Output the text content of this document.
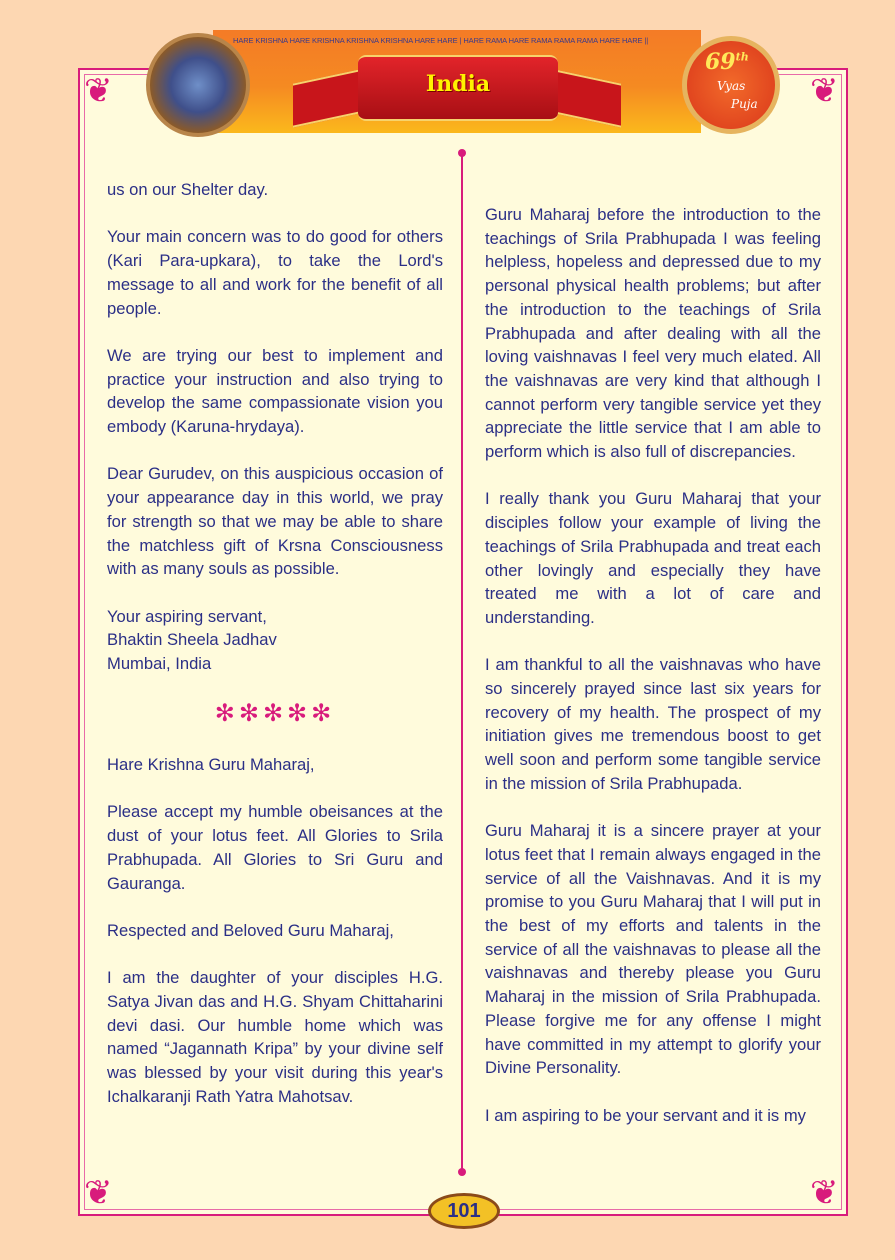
❦	❦
❦	❦
HARE KRISHNA HARE KRISHNA KRISHNA KRISHNA HARE HARE | HARE RAMA HARE RAMA RAMA RAMA HARE HARE ||
India
69th
Vyas
Puja

us on our Shelter day.

Your main concern was to do good for others (Kari Para-upkara), to take the Lord's message to all and work for the benefit of all people.

We are trying our best to implement and practice your instruction and also trying to develop the same compassionate vision you embody (Karuna-hrydaya).

Dear Gurudev, on this auspicious occasion of your appearance day in this world, we pray for strength so that we may be able to share the matchless gift of Krsna Consciousness with as many souls as possible.

Your aspiring servant,

Bhaktin Sheela Jadhav

Mumbai, India

✻✻✻✻✻

Hare Krishna Guru Maharaj,

Please accept my humble obeisances at the dust of your lotus feet. All Glories to Srila Prabhupada. All Glories to Sri Guru and Gauranga.

Respected and Beloved Guru Maharaj,

I am the daughter of your disciples H.G. Satya Jivan das and H.G. Shyam Chittaharini devi dasi. Our humble home which was named “Jagannath Kripa” by your divine self was blessed by your visit during this year's Ichalkaranji Rath Yatra Mahotsav.

Guru Maharaj before the introduction to the teachings of Srila Prabhupada I was feeling helpless, hopeless and depressed due to my personal physical health problems; but after the introduction to the teachings of Srila Prabhupada and after dealing with all the loving vaishnavas I feel very much elated. All the vaishnavas are very kind that although I cannot perform very tangible service yet they appreciate the little service that I am able to perform which is also full of discrepancies.

I really thank you Guru Maharaj that your disciples follow your example of living the teachings of Srila Prabhupada and treat each other lovingly and especially they have treated me with a lot of care and understanding.

I am thankful to all the vaishnavas who have so sincerely prayed since last six years for recovery of my health. The prospect of my initiation gives me tremendous boost to get well soon and perform some tangible service in the mission of Srila Prabhupada.

Guru Maharaj it is a sincere prayer at your lotus feet that I remain always engaged in the service of all the Vaishnavas. And it is my promise to you Guru Maharaj that I will put in the best of my efforts and talents in the service of all the vaishnavas to please all the vaishnavas and thereby please you Guru Maharaj in the mission of Srila Prabhupada. Please forgive me for any offense I might have committed in my attempt to glorify your Divine Personality.

I am aspiring to be your servant and it is my

101
